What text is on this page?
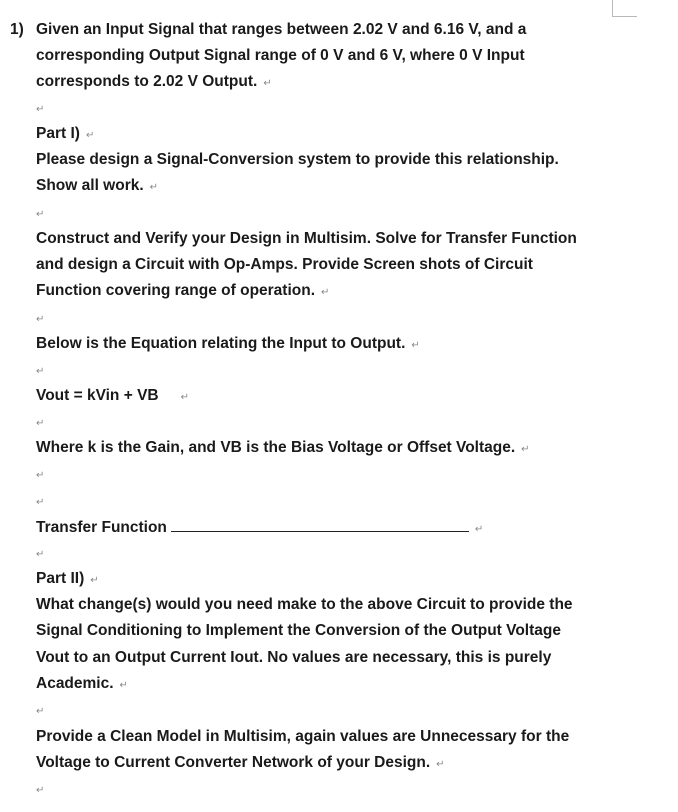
1) Given an Input Signal that ranges between 2.02 V and 6.16 V, and a
corresponding Output Signal range of 0 V and 6 V, where 0 V Input
corresponds to 2.02 V Output. ↵
↵
Part I) ↵
Please design a Signal-Conversion system to provide this relationship.
Show all work. ↵
↵
Construct and Verify your Design in Multisim. Solve for Transfer Function
and design a Circuit with Op-Amps. Provide Screen shots of Circuit
Function covering range of operation. ↵
↵
Below is the Equation relating the Input to Output. ↵
↵
Vout = kVin + VB ↵
↵
Where k is the Gain, and VB is the Bias Voltage or Offset Voltage. ↵
↵
↵
Transfer Function	↵
↵
Part II) ↵
What change(s) would you need make to the above Circuit to provide the
Signal Conditioning to Implement the Conversion of the Output Voltage
Vout to an Output Current Iout. No values are necessary, this is purely
Academic. ↵
↵
Provide a Clean Model in Multisim, again values are Unnecessary for the
Voltage to Current Converter Network of your Design. ↵
↵
